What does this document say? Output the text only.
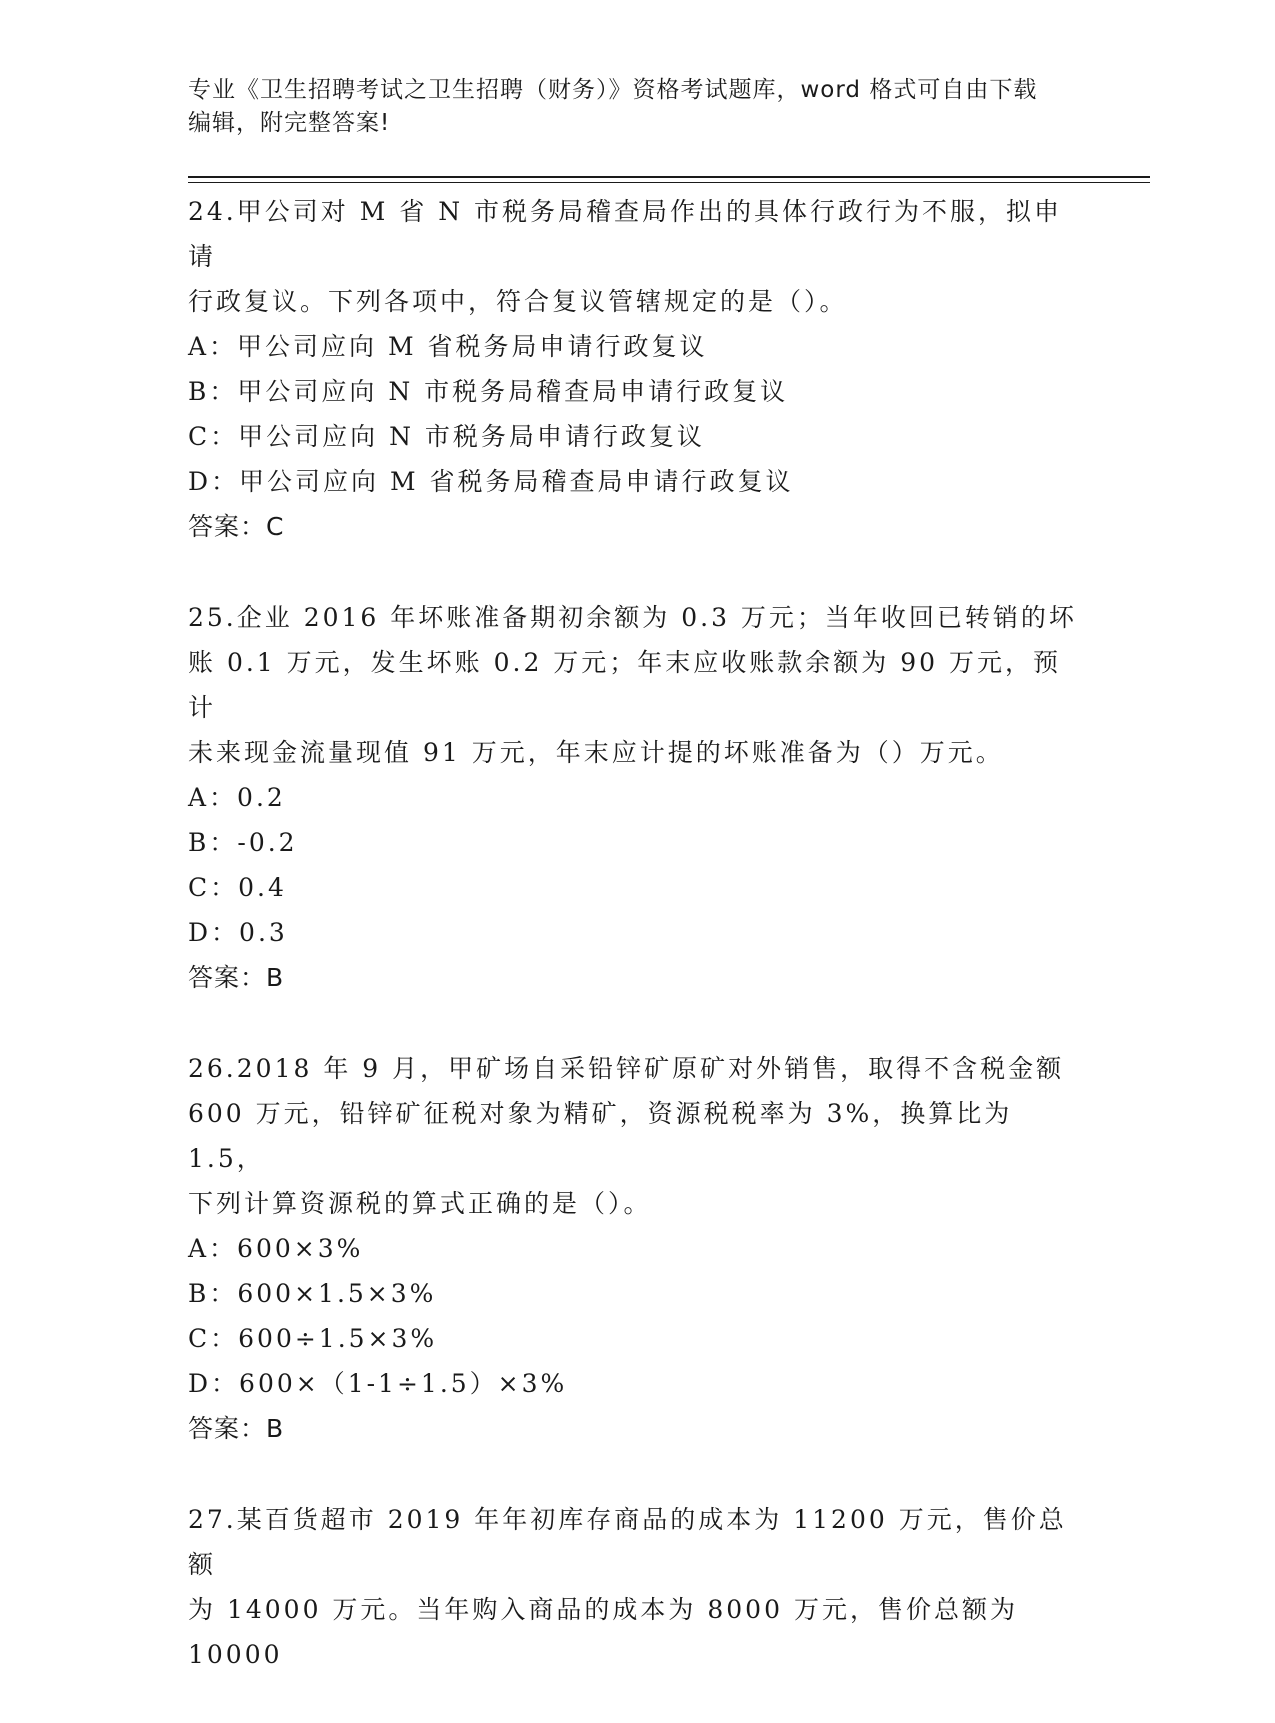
专业《卫生招聘考试之卫生招聘（财务）》资格考试题库，word 格式可自由下载
编辑，附完整答案!

24.甲公司对 M 省 N 市税务局稽查局作出的具体行政行为不服，拟申请

行政复议。下列各项中，符合复议管辖规定的是（）。

A：甲公司应向 M 省税务局申请行政复议

B：甲公司应向 N 市税务局稽查局申请行政复议

C：甲公司应向 N 市税务局申请行政复议

D：甲公司应向 M 省税务局稽查局申请行政复议

答案：C

25.企业 2016 年坏账准备期初余额为 0.3 万元；当年收回已转销的坏

账 0.1 万元，发生坏账 0.2 万元；年末应收账款余额为 90 万元，预计

未来现金流量现值 91 万元，年末应计提的坏账准备为（）万元。

A：0.2

B：-0.2

C：0.4

D：0.3

答案：B

26.2018 年 9 月，甲矿场自采铅锌矿原矿对外销售，取得不含税金额

600 万元，铅锌矿征税对象为精矿，资源税税率为 3%，换算比为 1.5，

下列计算资源税的算式正确的是（）。

A：600×3%

B：600×1.5×3%

C：600÷1.5×3%

D：600×（1-1÷1.5）×3%

答案：B

27.某百货超市 2019 年年初库存商品的成本为 11200 万元，售价总额

为 14000 万元。当年购入商品的成本为 8000 万元，售价总额为 10000
